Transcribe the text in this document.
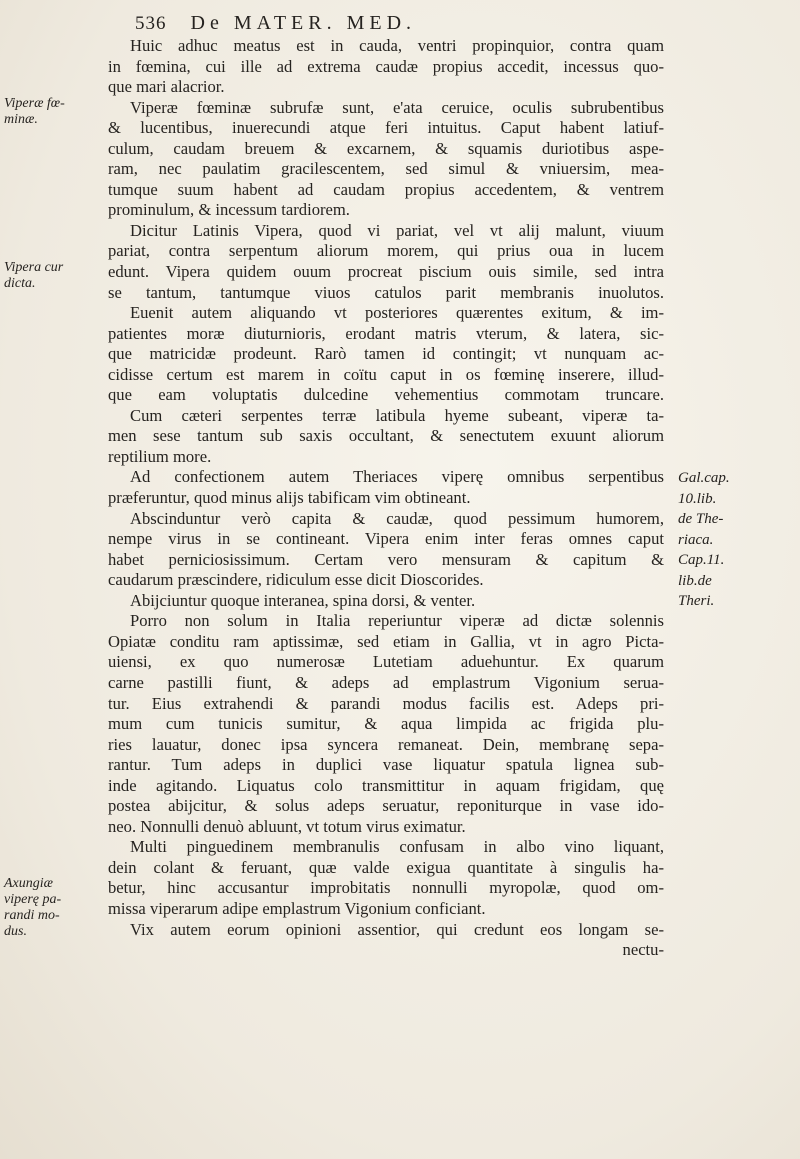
536 De MATER. MED.
Huic adhuc meatus est in cauda, ventri propinquior, contra quam
in fœmina, cui ille ad extrema caudæ propius accedit, incessus quo-
que mari alacrior.
Viperæ fœminæ subrufæ sunt, e'ata ceruice, oculis subrubentibus
& lucentibus, inuerecundi atque feri intuitus. Caput habent latiuf-
culum, caudam breuem & excarnem, & squamis duriotibus aspe-
ram, nec paulatim gracilescentem, sed simul & vniuersim, mea-
tumque suum habent ad caudam propius accedentem, & ventrem
prominulum, & incessum tardiorem.
Dicitur Latinis Vipera, quod vi pariat, vel vt alij malunt, viuum
pariat, contra serpentum aliorum morem, qui prius oua in lucem
edunt. Vipera quidem ouum procreat piscium ouis simile, sed intra
se tantum, tantumque viuos catulos parit membranis inuolutos.
Euenit autem aliquando vt posteriores quærentes exitum, & im-
patientes moræ diuturnioris, erodant matris vterum, & latera, sic-
que matricidæ prodeunt. Rarò tamen id contingit; vt nunquam ac-
cidisse certum est marem in coïtu caput in os fœminę inserere, illud-
que eam voluptatis dulcedine vehementius commotam truncare.
Cum cæteri serpentes terræ latibula hyeme subeant, viperæ ta-
men sese tantum sub saxis occultant, & senectutem exuunt aliorum
reptilium more.
Ad confectionem autem Theriaces viperę omnibus serpentibus
præferuntur, quod minus alijs tabificam vim obtineant.
Abscinduntur verò capita & caudæ, quod pessimum humorem,
nempe virus in se contineant. Vipera enim inter feras omnes caput
habet perniciosissimum. Certam vero mensuram & capitum &
caudarum præscindere, ridiculum esse dicit Dioscorides.
Abijciuntur quoque interanea, spina dorsi, & venter.
Porro non solum in Italia reperiuntur viperæ ad dictæ solennis
Opiatæ conditu ram aptissimæ, sed etiam in Gallia, vt in agro Picta-
uiensi, ex quo numerosæ Lutetiam aduehuntur. Ex quarum
carne pastilli fiunt, & adeps ad emplastrum Vigonium serua-
tur. Eius extrahendi & parandi modus facilis est. Adeps pri-
mum cum tunicis sumitur, & aqua limpida ac frigida plu-
ries lauatur, donec ipsa syncera remaneat. Dein, membranę sepa-
rantur. Tum adeps in duplici vase liquatur spatula lignea sub-
inde agitando. Liquatus colo transmittitur in aquam frigidam, quę
postea abijcitur, & solus adeps seruatur, reponiturque in vase ido-
neo. Nonnulli denuò abluunt, vt totum virus eximatur.
Multi pinguedinem membranulis confusam in albo vino liquant,
dein colant & feruant, quæ valde exigua quantitate à singulis ha-
betur, hinc accusantur improbitatis nonnulli myropolæ, quod om-
missa viperarum adipe emplastrum Vigonium conficiant.
Vix autem eorum opinioni assentior, qui credunt eos longam se-
nectu-
Viperæ fœ-
minæ.
Vipera cur
dicta.
Axungiæ
viperę pa-
randi mo-
dus.
Gal.cap.
10.lib.
de The-
riaca.
Cap.11.
lib.de
Theri.
